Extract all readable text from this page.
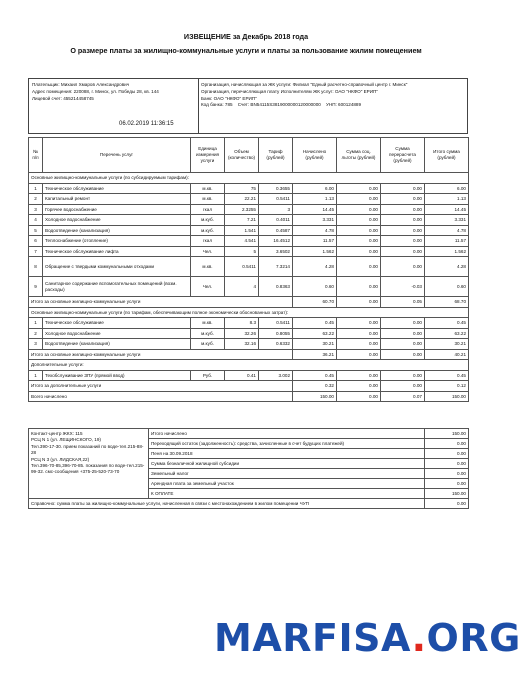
ИЗВЕЩЕНИЕ за Декабрь 2018 года
О размере платы за жилищно-коммунальные услуги и платы за пользование жилим помещением
Плательщик: Михаил Хмаров Александрович
Адрес помещения: 220088, г. Минск, ул. Победы 28, кв. 144
Лицевой счет: 455214458745
06.02.2019 11:36:15
Организация, начисляющая за ЖК услуги: Филиал "Едный расчетно-справочный центр г. Минск"
Организация, перечисляющая плату Исполнителям ЖК услуг: ОАО "НКФО" ЕРИП"
Банк: ОАО "НКФО" ЕРИП"
Код банка: 785 Счет: BN54115S3819000000120000000 УНП: 600124889
№ п/п	Перечень услуг	Единица измерения услуги	Объем (количество)	Тариф (рублей)	Начислено (рублей)	Сумма соц. льготы (рублей)	Сумма перерасчета (рублей)	Итого сумма (рублей)
Основные жилищно-коммунальные услуги (по субсидируемым тарифам):								
1	Техническое обслуживание	м.кв.	75	0.3655	6.00	0.00	0.00	6.00
2	Капитальный ремонт	м.кв.	22.21	0.5411	1.13	0.00	0.00	1.13
3	Горячее водоснабжение	гкал	2.3255	3	14.45	0.00	0.00	14.45
4	Холодное водоснабжение	м.куб.	7.21	0.4011	3.331	0.00	0.00	3.331
5	Водоотведение (канализация)	м.куб.	1.541	0.4587	4.78	0.00	0.00	4.78
6	Теплоснабжение (отопление)	гкал	4.541	16.4512	11.57	0.00	0.00	11.57
7	Техническое обслуживание лифта	Чел.	5	3.6502	1.562	0.00	0.00	1.562
8	Обращение с твердыми коммунальными отходами	м.кв.	0.5411	7.3214	4.28	0.00	0.00	4.28
9	Санитарное содержание вспомогательных помещений (возм. расходы)	Чел.	4	0.8363	0.60	0.00	-0.03	0.60
Итого за основные жилищно-коммунальные услуги					60.70	0.00	0.05	68.70
Основные жилищно-коммунальные услуги (по тарифам, обеспечивающим полное экономически обоснованных затрат):								
1	Техническое обслуживание	м.кв.	8.3	0.5411	0.45	0.00	0.00	0.45
2	Холодное водоснабжение	м.куб.	32.26	0.8055	63.22	0.00	0.00	63.22
3	Водоотведение (канализация)	м.куб.	32.16	0.6332	30.21	0.00	0.00	30.21
Итого за основные жилищно-коммунальные услуги					36.21	0.00	0.00	40.21
Дополнительные услуги:								
1	Техобслуживание ЗПУ (прямой ввод)	Руб.	0.41	3.002	0.45	0.00	0.00	0.45
Итого за дополнительные услуги					0.32	0.00	0.00	0.12
Всего начислено					150.00	0.00	0.07	150.00
Контакт-центр ЖКХ: 115
РСЦ N 1 (ул. ЛЕЩИНСКОГО, 19)
Тел.390-17-30. прием показаний по воде-тел.215-88-28
РСЦ N 3 (ул. ЛИДСКАЯ,22)
Тел.396-70-85,396-70-85. показания по воде-тел.215-99-32. смс-сообщения +375-25-520-73-70	Итого начислено	150.00
	Переходящий остаток (задолженность): средства, зачисленные в счет будущих платежей)	0.00
	Пеня на 30.09.2018	0.00
	Сумма безналичной жилищной субсидии	0.00
	Земельный налог	0.00
	Арендная плата за земельный участок	0.00
	К ОПЛАТЕ	150.00
Справочно: сумма платы за жилищно-коммунальные услуги, начисленная в связи с местонахождением в жилом помещении ЧУП		0.00
MARFISA.ORG
